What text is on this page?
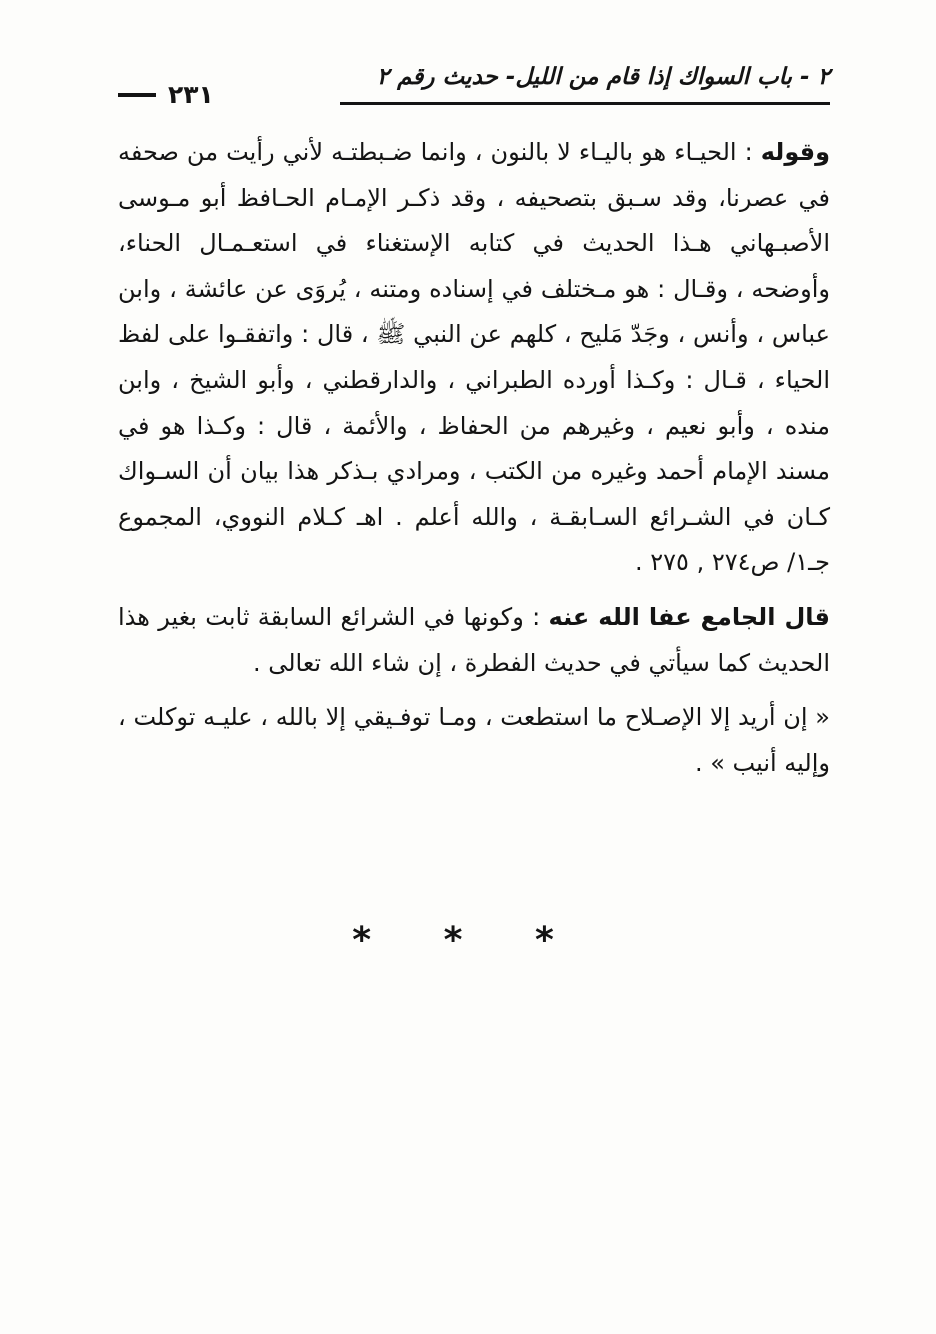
٢ - باب السواك إذا قام من الليل- حديث رقم ٢
٢٣١

وقوله : الحيـاء هو باليـاء لا بالنون ، وانما ضـبطتـه لأني رأيت من صحفه في عصرنا، وقد سـبق بتصحيفه ، وقد ذكـر الإمـام الحـافظ أبو مـوسى الأصبـهاني هـذا الحديث في كتابه الإستغناء في استعـمـال الحناء، وأوضحه ، وقـال : هو مـختلف في إسناده ومتنه ، يُروَى عن عائشة ، وابن عباس ، وأنس ، وجَدّ مَليح ، كلهم عن النبي ﷺ ، قال : واتفقـوا على لفظ الحياء ، قـال : وكـذا أورده الطبراني ، والدارقطني ، وأبو الشيخ ، وابن منده ، وأبو نعيم ، وغيرهم من الحفاظ ، والأئمة ، قال : وكـذا هو في مسند الإمام أحمد وغيره من الكتب ، ومرادي بـذكر هذا بيان أن السـواك كـان في الشـرائع السـابقـة ، والله أعلم . اهـ كـلام النووي، المجموع جـ١/ ص٢٧٤ , ٢٧٥ .

قال الجامع عفا الله عنه : وكونها في الشرائع السابقة ثابت بغير هذا الحديث كما سيأتي في حديث الفطرة ، إن شاء الله تعالى .

« إن أريد إلا الإصـلاح ما استطعت ، ومـا توفـيقي إلا بالله ، عليـه توكلت ، وإليه أنيب » .

* * *
